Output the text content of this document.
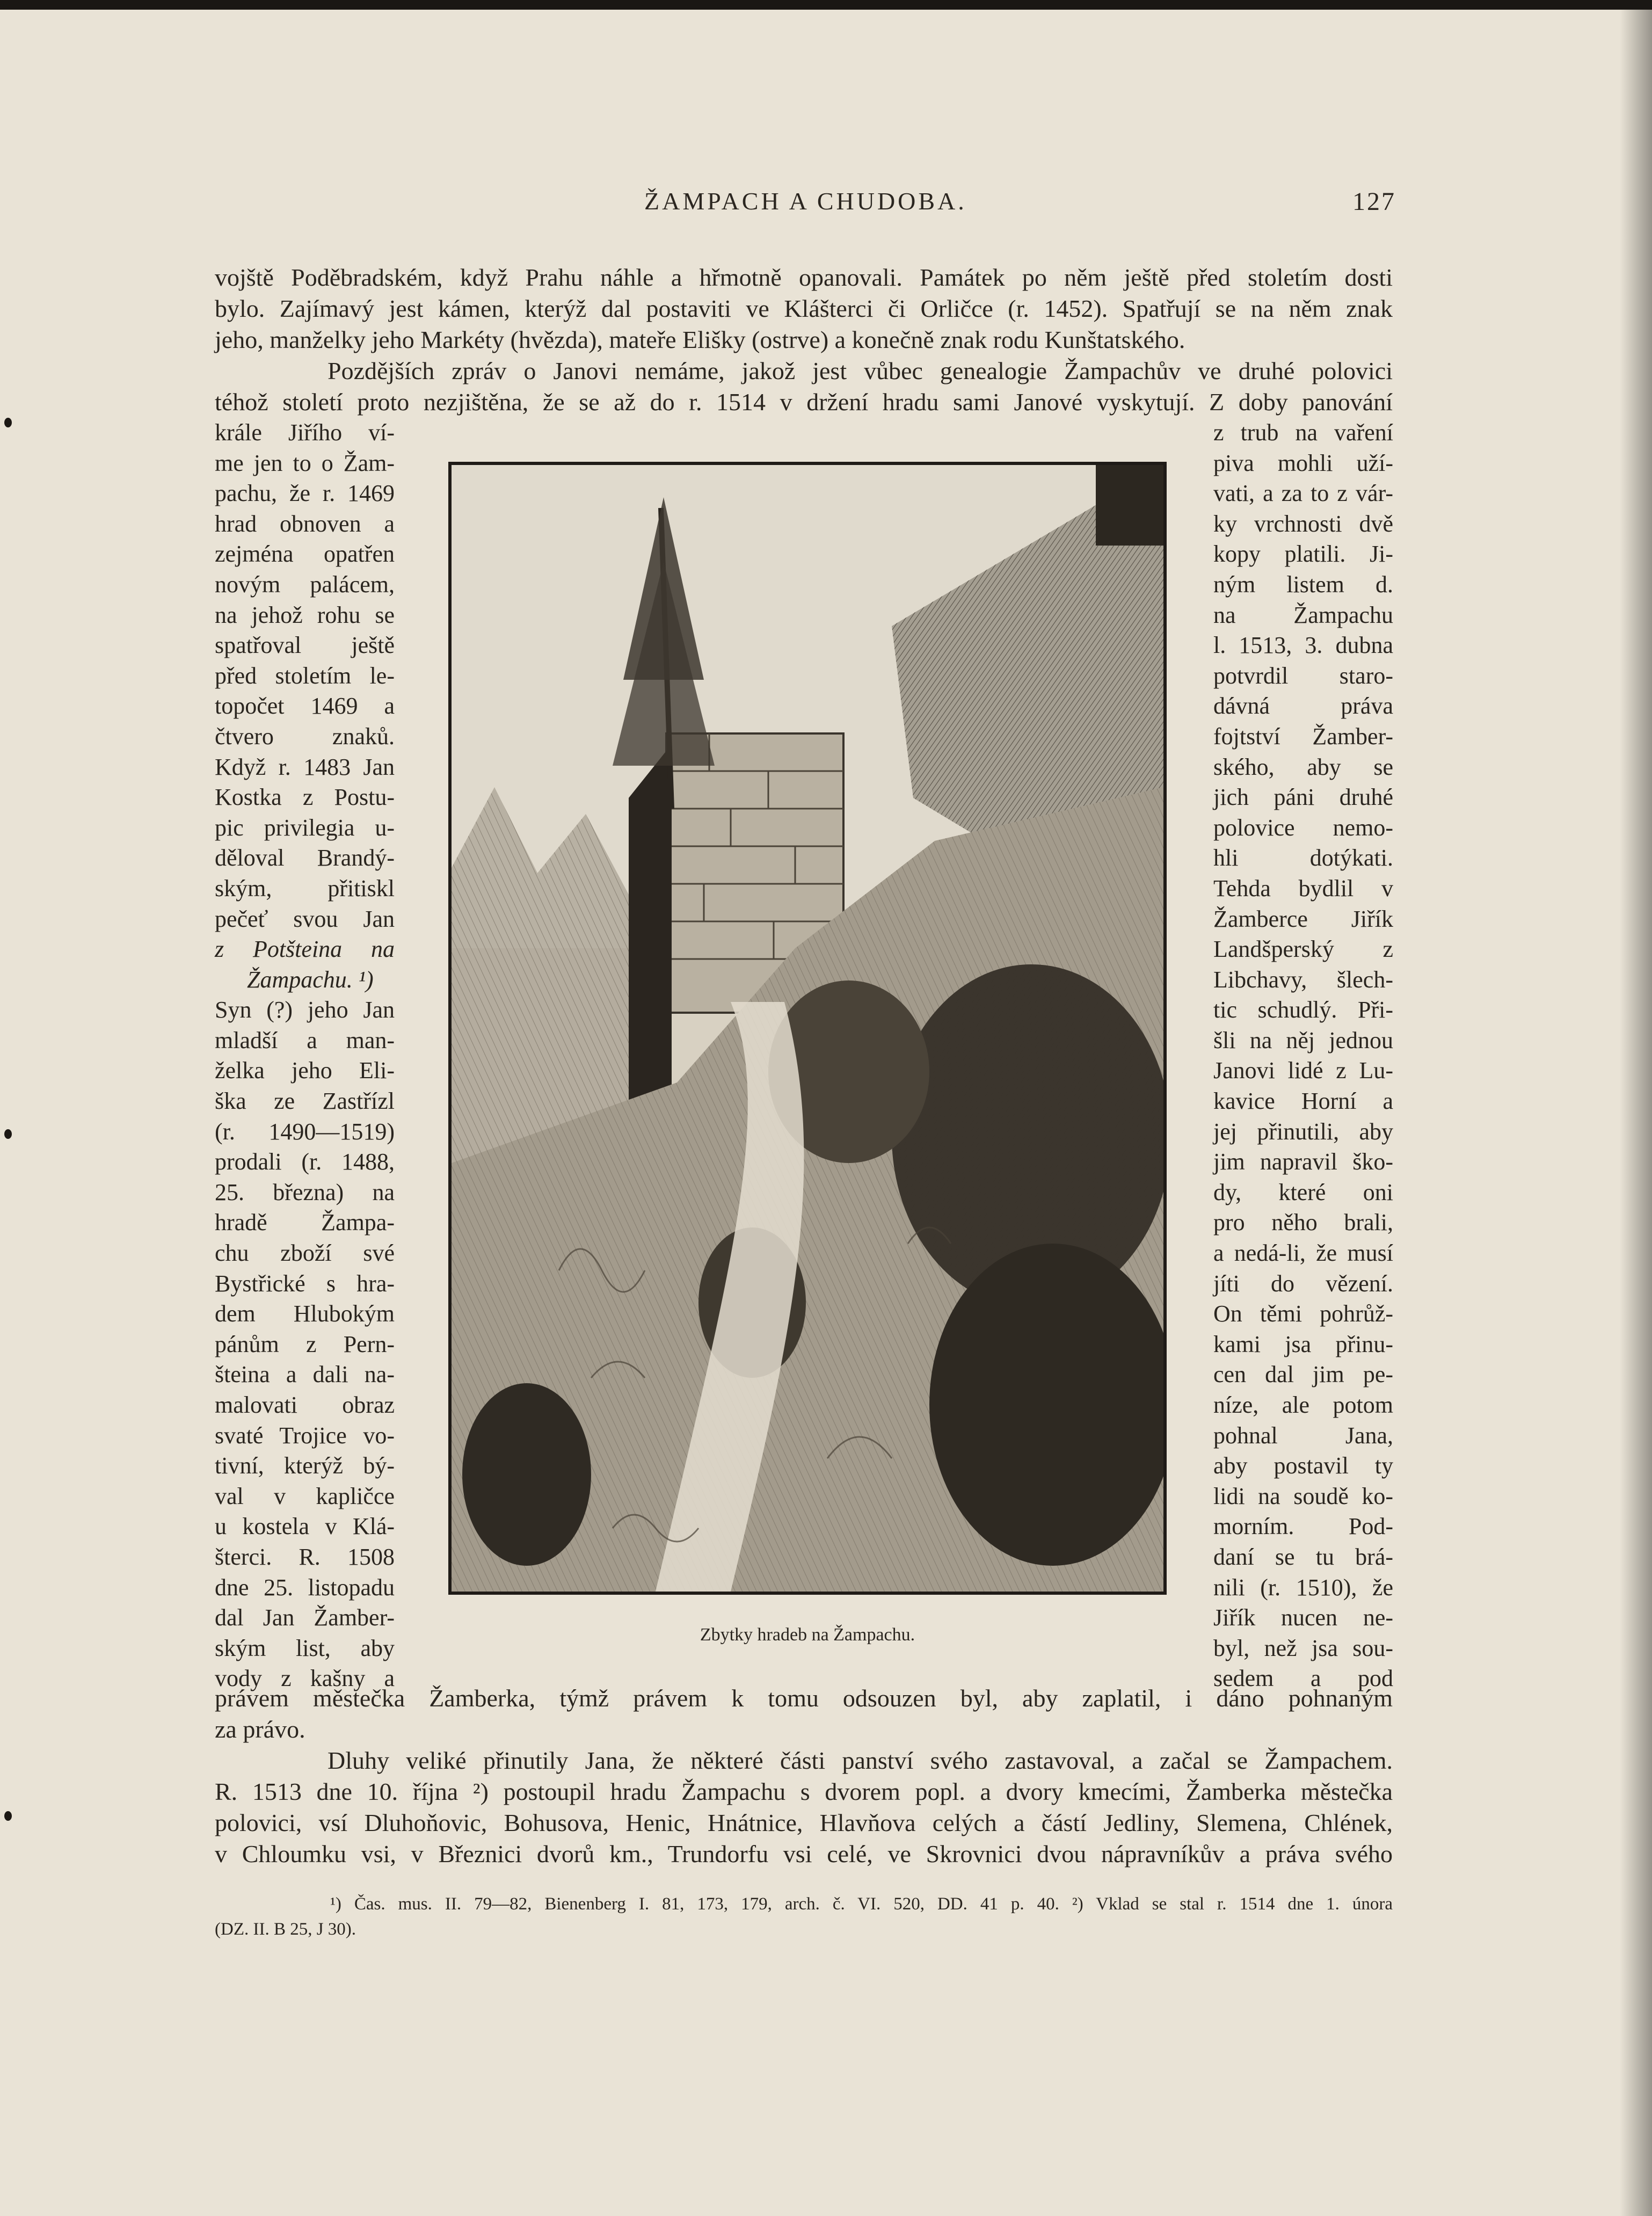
ŽAMPACH A CHUDOBA.	127
vojště Poděbradském, když Prahu náhle a hřmotně opanovali. Památek po něm ještě před stoletím dosti
bylo. Zajímavý jest kámen, kterýž dal postaviti ve Klášterci či Orličce (r. 1452). Spatřují se na něm znak
jeho, manželky jeho Markéty (hvězda), mateře Elišky (ostrve) a konečně znak rodu Kunštatského.
Pozdějších zpráv o Janovi nemáme, jakož jest vůbec genealogie Žampachův ve druhé polovici
téhož století proto nezjištěna, že se až do r. 1514 v držení hradu sami Janové vyskytují. Z doby panování
krále Jiřího ví-
me jen to o Žam-
pachu, že r. 1469
hrad obnoven a
zejména opatřen
novým palácem,
na jehož rohu se
spatřoval ještě
před stoletím le-
topočet 1469 a
čtvero znaků.
Když r. 1483 Jan
Kostka z Postu-
pic privilegia u-
děloval Brandý-
ským, přitiskl
pečeť svou Jan
z Potšteina na
Žampachu. ¹)
Syn (?) jeho Jan
mladší a man-
želka jeho Eli-
ška ze Zastřízl
(r. 1490—1519)
prodali (r. 1488,
25. března) na
hradě Žampa-
chu zboží své
Bystřické s hra-
dem Hlubokým
pánům z Pern-
šteina a dali na-
malovati obraz
svaté Trojice vo-
tivní, kterýž bý-
val v kapličce
u kostela v Klá-
šterci. R. 1508
dne 25. listopadu
dal Jan Žamber-
ským list, aby
vody z kašny a
z trub na vaření
piva mohli uží-
vati, a za to z vár-
ky vrchnosti dvě
kopy platili. Ji-
ným listem d.
na Žampachu
l. 1513, 3. dubna
potvrdil staro-
dávná práva
fojtství Žamber-
ského, aby se
jich páni druhé
polovice nemo-
hli dotýkati.
Tehda bydlil v
Žamberce Jiřík
Landšperský z
Libchavy, šlech-
tic schudlý. Při-
šli na něj jednou
Janovi lidé z Lu-
kavice Horní a
jej přinutili, aby
jim napravil ško-
dy, které oni
pro něho brali,
a nedá-li, že musí
jíti do vězení.
On těmi pohrůž-
kami jsa přinu-
cen dal jim pe-
níze, ale potom
pohnal Jana,
aby postavil ty
lidi na soudě ko-
morním. Pod-
daní se tu brá-
nili (r. 1510), že
Jiřík nucen ne-
byl, než jsa sou-
sedem a pod
Zbytky hradeb na Žampachu.
právem městečka Žamberka, týmž právem k tomu odsouzen byl, aby zaplatil, i dáno pohnaným
za právo.
Dluhy veliké přinutily Jana, že některé části panství svého zastavoval, a začal se Žampachem.
R. 1513 dne 10. října ²) postoupil hradu Žampachu s dvorem popl. a dvory kmecími, Žamberka městečka
polovici, vsí Dluhoňovic, Bohusova, Henic, Hnátnice, Hlavňova celých a částí Jedliny, Slemena, Chlének,
v Chloumku vsi, v Březnici dvorů km., Trundorfu vsi celé, ve Skrovnici dvou nápravníkův a práva svého
¹) Čas. mus. II. 79—82, Bienenberg I. 81, 173, 179, arch. č. VI. 520, DD. 41 p. 40. ²) Vklad se stal r. 1514 dne 1. února
(DZ. II. B 25, J 30).
